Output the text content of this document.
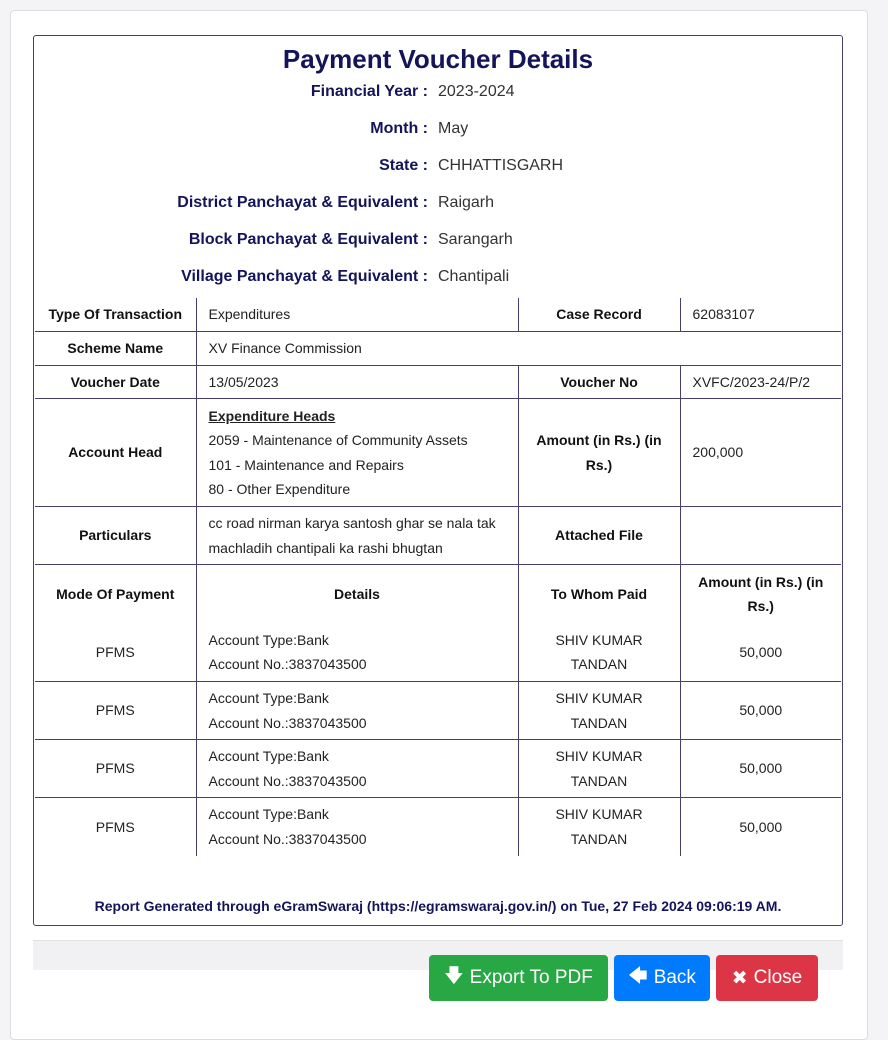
Payment Voucher Details
Financial Year : 2023-2024
Month : May
State : CHHATTISGARH
District Panchayat & Equivalent : Raigarh
Block Panchayat & Equivalent : Sarangarh
Village Panchayat & Equivalent : Chantipali
Type Of Transaction	Expenditures	Case Record	62083107
Scheme Name	XV Finance Commission		
Voucher Date	13/05/2023	Voucher No	XVFC/2023-24/P/2
Account Head	Expenditure Heads
2059 - Maintenance of Community Assets
101 - Maintenance and Repairs
80 - Other Expenditure	Amount (in Rs.) (in Rs.)	200,000
Particulars	cc road nirman karya santosh ghar se nala tak machladih chantipali ka rashi bhugtan	Attached File	
Mode Of Payment	Details	To Whom Paid	Amount (in Rs.) (in Rs.)
PFMS	Account Type:Bank
Account No.:3837043500	SHIV KUMAR TANDAN	50,000
PFMS	Account Type:Bank
Account No.:3837043500	SHIV KUMAR TANDAN	50,000
PFMS	Account Type:Bank
Account No.:3837043500	SHIV KUMAR TANDAN	50,000
PFMS	Account Type:Bank
Account No.:3837043500	SHIV KUMAR TANDAN	50,000
Report Generated through eGramSwaraj (https://egramswaraj.gov.in/) on Tue, 27 Feb 2024 09:06:19 AM.
🡇 Export To PDF 🡄 Back ✖ Close
